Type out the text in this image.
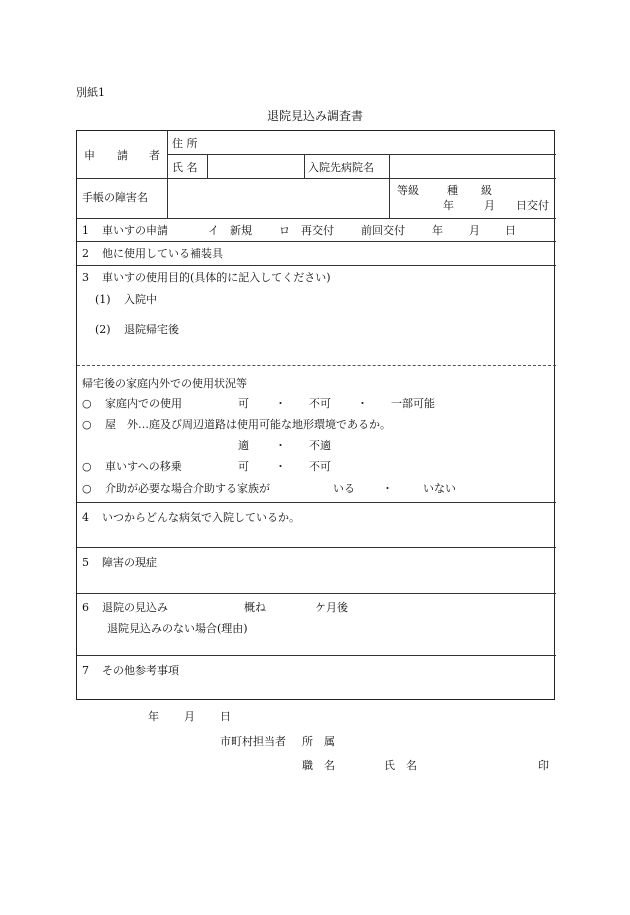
別紙1
退院見込み調査書
申 請 者
住 所
氏 名	入院先病院名
手帳の障害名
等級	種 級
年	月 日交付
1 車いすの申請	イ 新規 ロ 再交付 前回交付 年 月 日
2 他に使用している補装具
3 車いすの使用目的(具体的に記入してください)
(1) 入院中
(2) 退院帰宅後
帰宅後の家庭内外での使用状況等
○ 家庭内での使用	可 ・ 不可 ・ 一部可能
○ 屋　外…庭及び周辺道路は使用可能な地形環境であるか。
適 ・ 不適
○ 車いすへの移乗	可 ・ 不可
○ 介助が必要な場合介助する家族が	いる ・	いない
4 いつからどんな病気で入院しているか。
5 障害の現症
6 退院の見込み	概ね	ケ月後
退院見込みのない場合(理由)
7 その他参考事項
年 月 日
市町村担当者 所　属
職　名	氏　名	印
